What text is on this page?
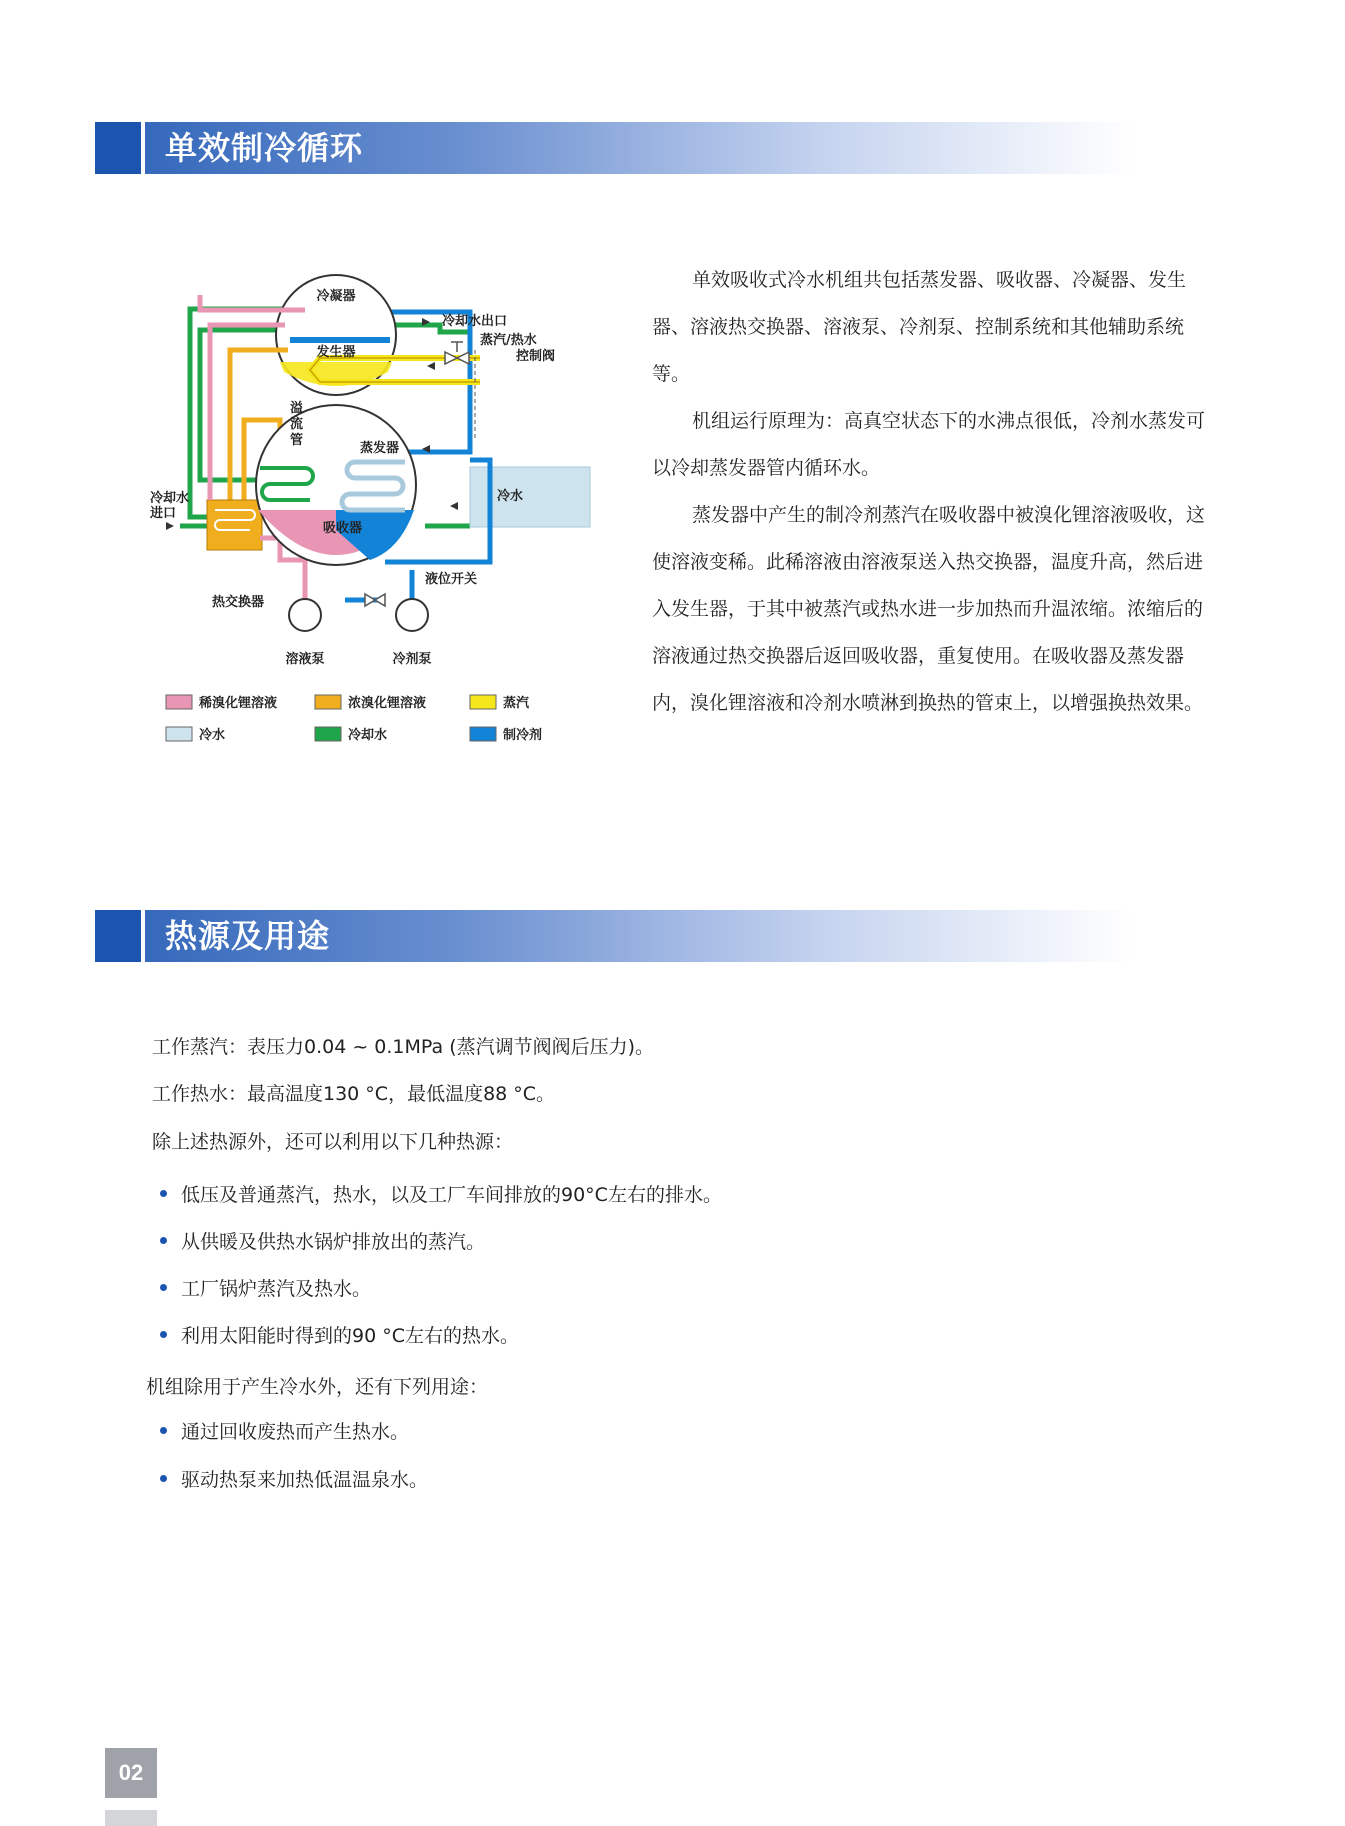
单效制冷循环
冷凝器
冷却水出口
发生器
蒸汽/热水
控制阀
溢
流
管
蒸发器
冷水
冷却水
进口
吸收器
液位开关
热交换器
溶液泵	冷剂泵
稀溴化锂溶液	浓溴化锂溶液	蒸汽
冷水	冷却水	制冷剂

单效吸收式冷水机组共包括蒸发器、吸收器、冷凝器、发生器、溶液热交换器、溶液泵、冷剂泵、控制系统和其他辅助系统等。

机组运行原理为：高真空状态下的水沸点很低，冷剂水蒸发可以冷却蒸发器管内循环水。

蒸发器中产生的制冷剂蒸汽在吸收器中被溴化锂溶液吸收，这使溶液变稀。此稀溶液由溶液泵送入热交换器，温度升高，然后进入发生器，于其中被蒸汽或热水进一步加热而升温浓缩。浓缩后的溶液通过热交换器后返回吸收器，重复使用。在吸收器及蒸发器内，溴化锂溶液和冷剂水喷淋到换热的管束上，以增强换热效果。

热源及用途
工作蒸汽：表压力0.04 ~ 0.1MPa (蒸汽调节阀阀后压力)。
工作热水：最高温度130 °C，最低温度88 °C。
除上述热源外，还可以利用以下几种热源：
低压及普通蒸汽，热水，以及工厂车间排放的90°C左右的排水。
从供暖及供热水锅炉排放出的蒸汽。
工厂锅炉蒸汽及热水。
利用太阳能时得到的90 °C左右的热水。
机组除用于产生冷水外，还有下列用途：
通过回收废热而产生热水。
驱动热泵来加热低温温泉水。
02
